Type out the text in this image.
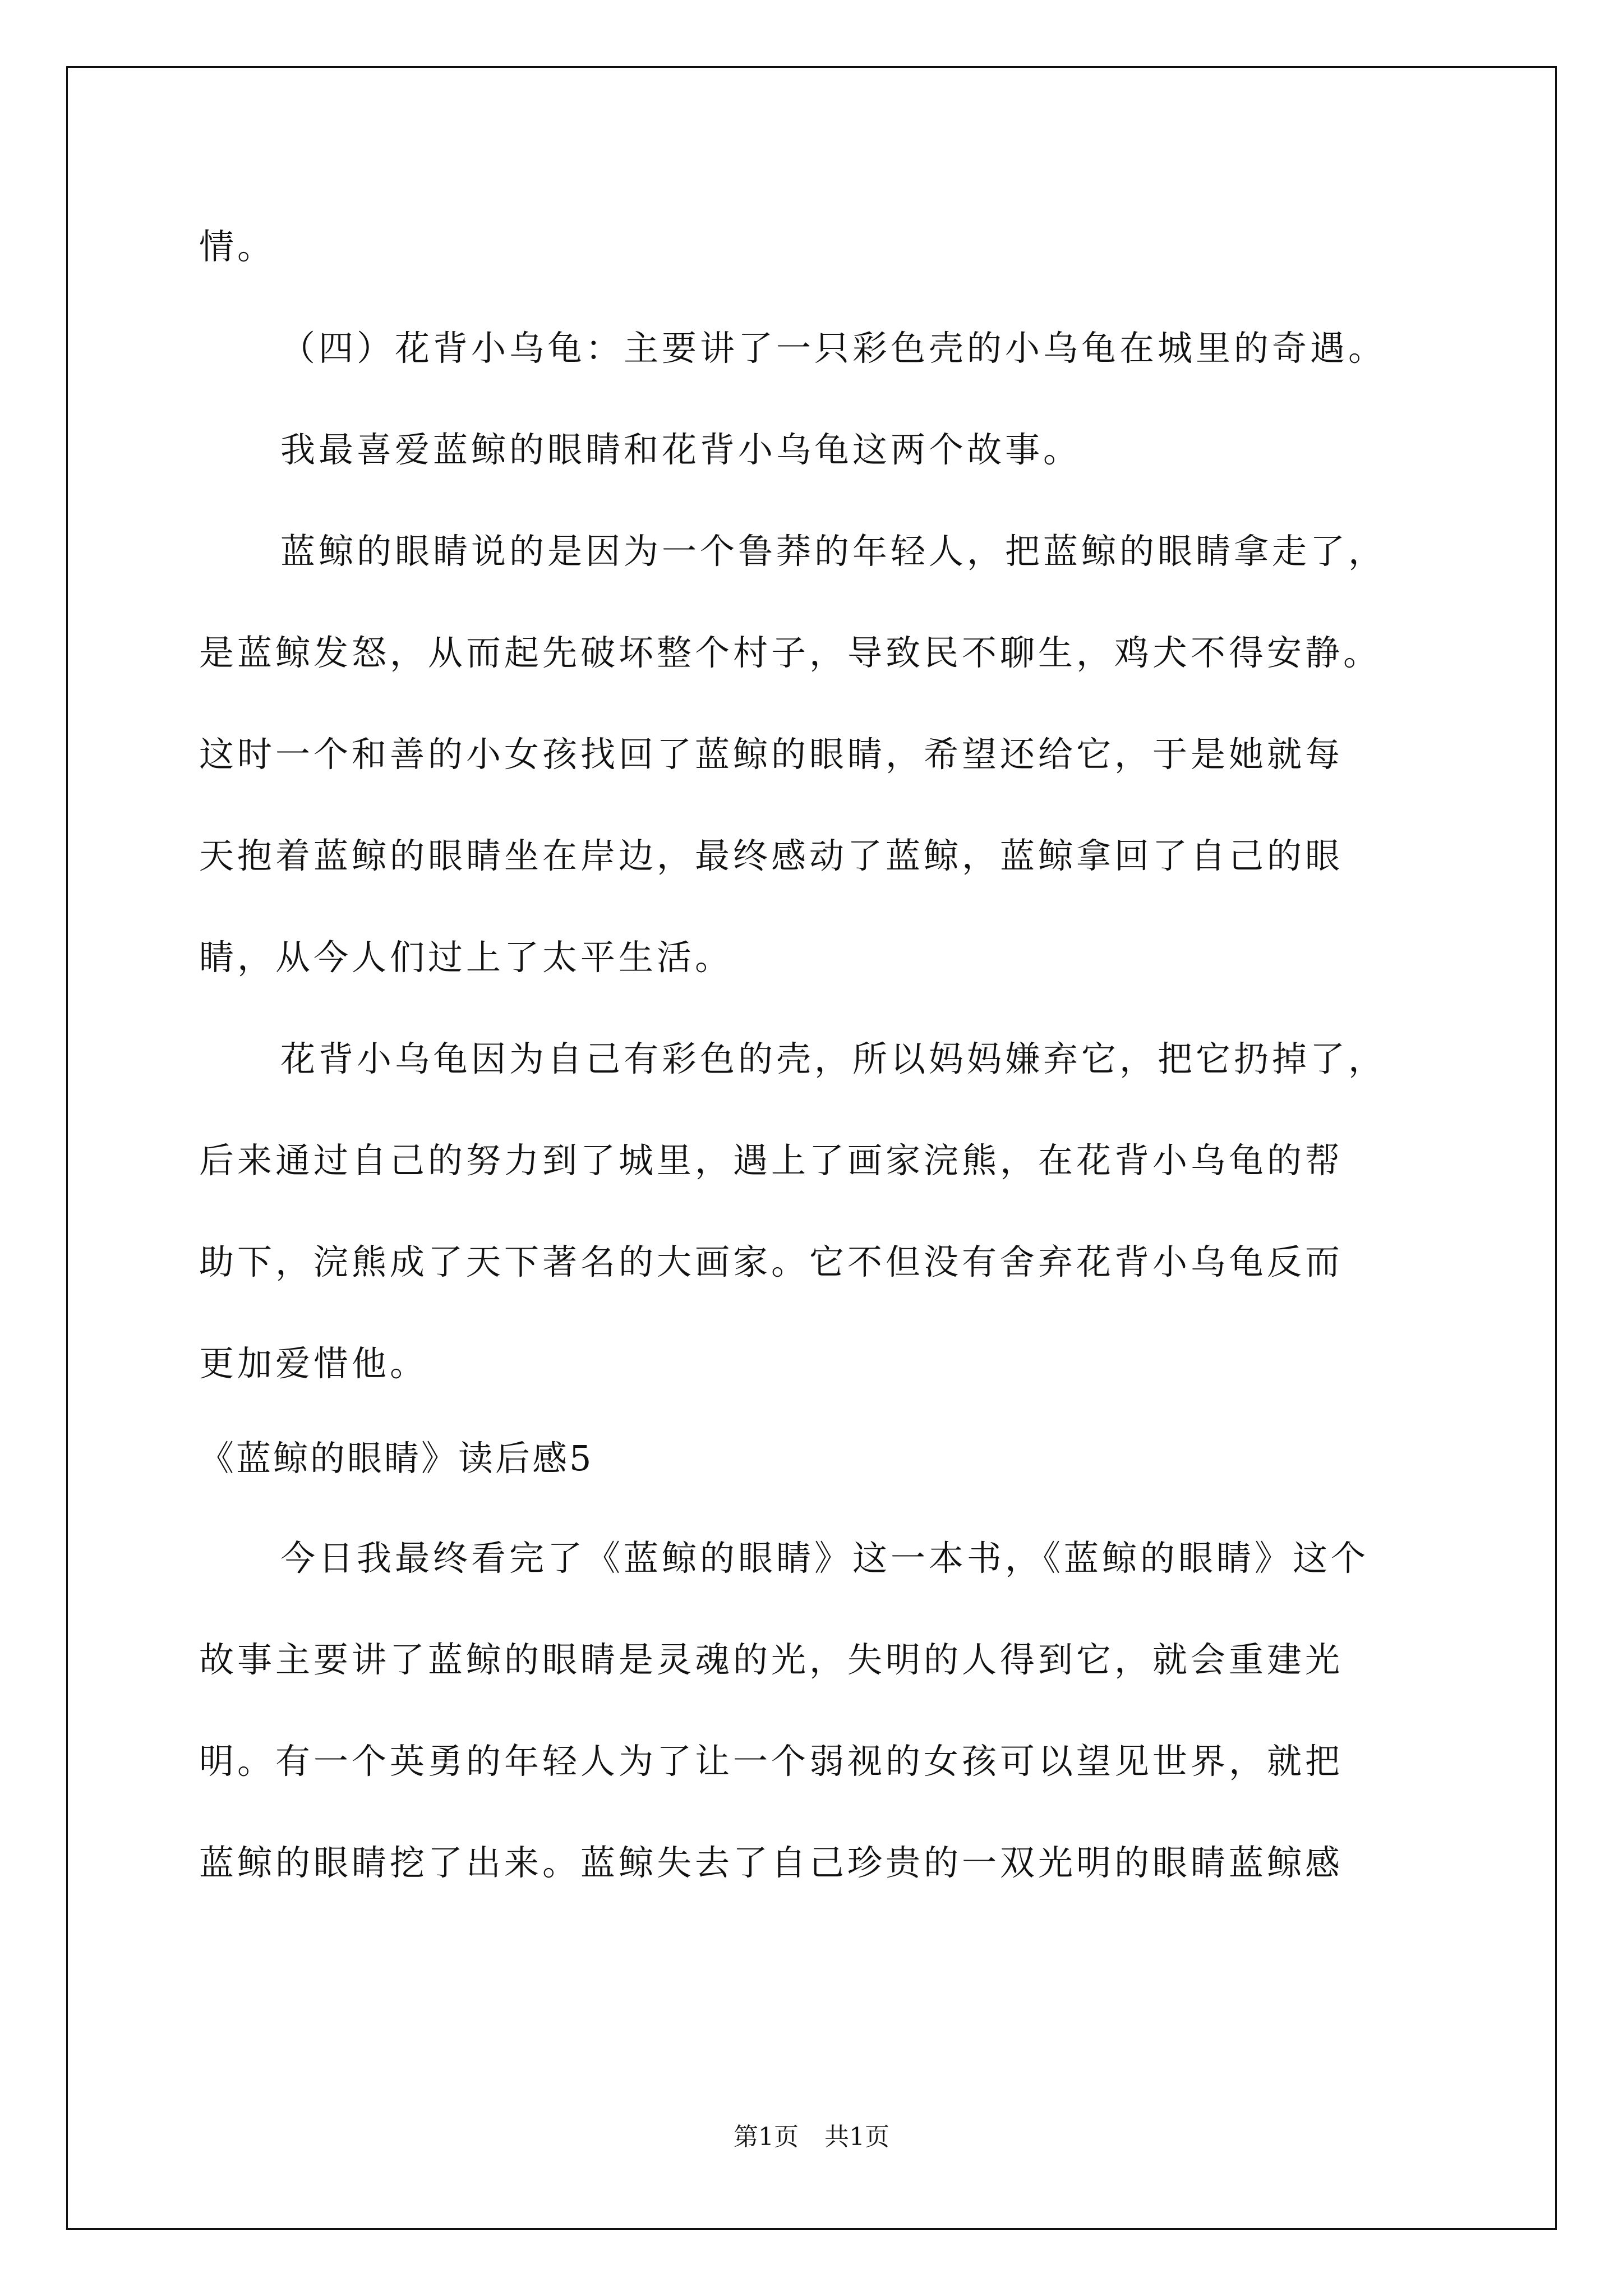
情。
（四）花背小乌龟：主要讲了一只彩色壳的小乌龟在城里的奇遇。
我最喜爱蓝鲸的眼睛和花背小乌龟这两个故事。
蓝鲸的眼睛说的是因为一个鲁莽的年轻人，把蓝鲸的眼睛拿走了，
是蓝鲸发怒，从而起先破坏整个村子，导致民不聊生，鸡犬不得安静。
这时一个和善的小女孩找回了蓝鲸的眼睛，希望还给它，于是她就每
天抱着蓝鲸的眼睛坐在岸边，最终感动了蓝鲸，蓝鲸拿回了自己的眼
睛，从今人们过上了太平生活。
花背小乌龟因为自己有彩色的壳，所以妈妈嫌弃它，把它扔掉了，
后来通过自己的努力到了城里，遇上了画家浣熊，在花背小乌龟的帮
助下，浣熊成了天下著名的大画家。它不但没有舍弃花背小乌龟反而
更加爱惜他。
《蓝鲸的眼睛》读后感5
今日我最终看完了《蓝鲸的眼睛》这一本书，《蓝鲸的眼睛》这个
故事主要讲了蓝鲸的眼睛是灵魂的光，失明的人得到它，就会重建光
明。有一个英勇的年轻人为了让一个弱视的女孩可以望见世界，就把
蓝鲸的眼睛挖了出来。蓝鲸失去了自己珍贵的一双光明的眼睛蓝鲸感
第1页 共1页
